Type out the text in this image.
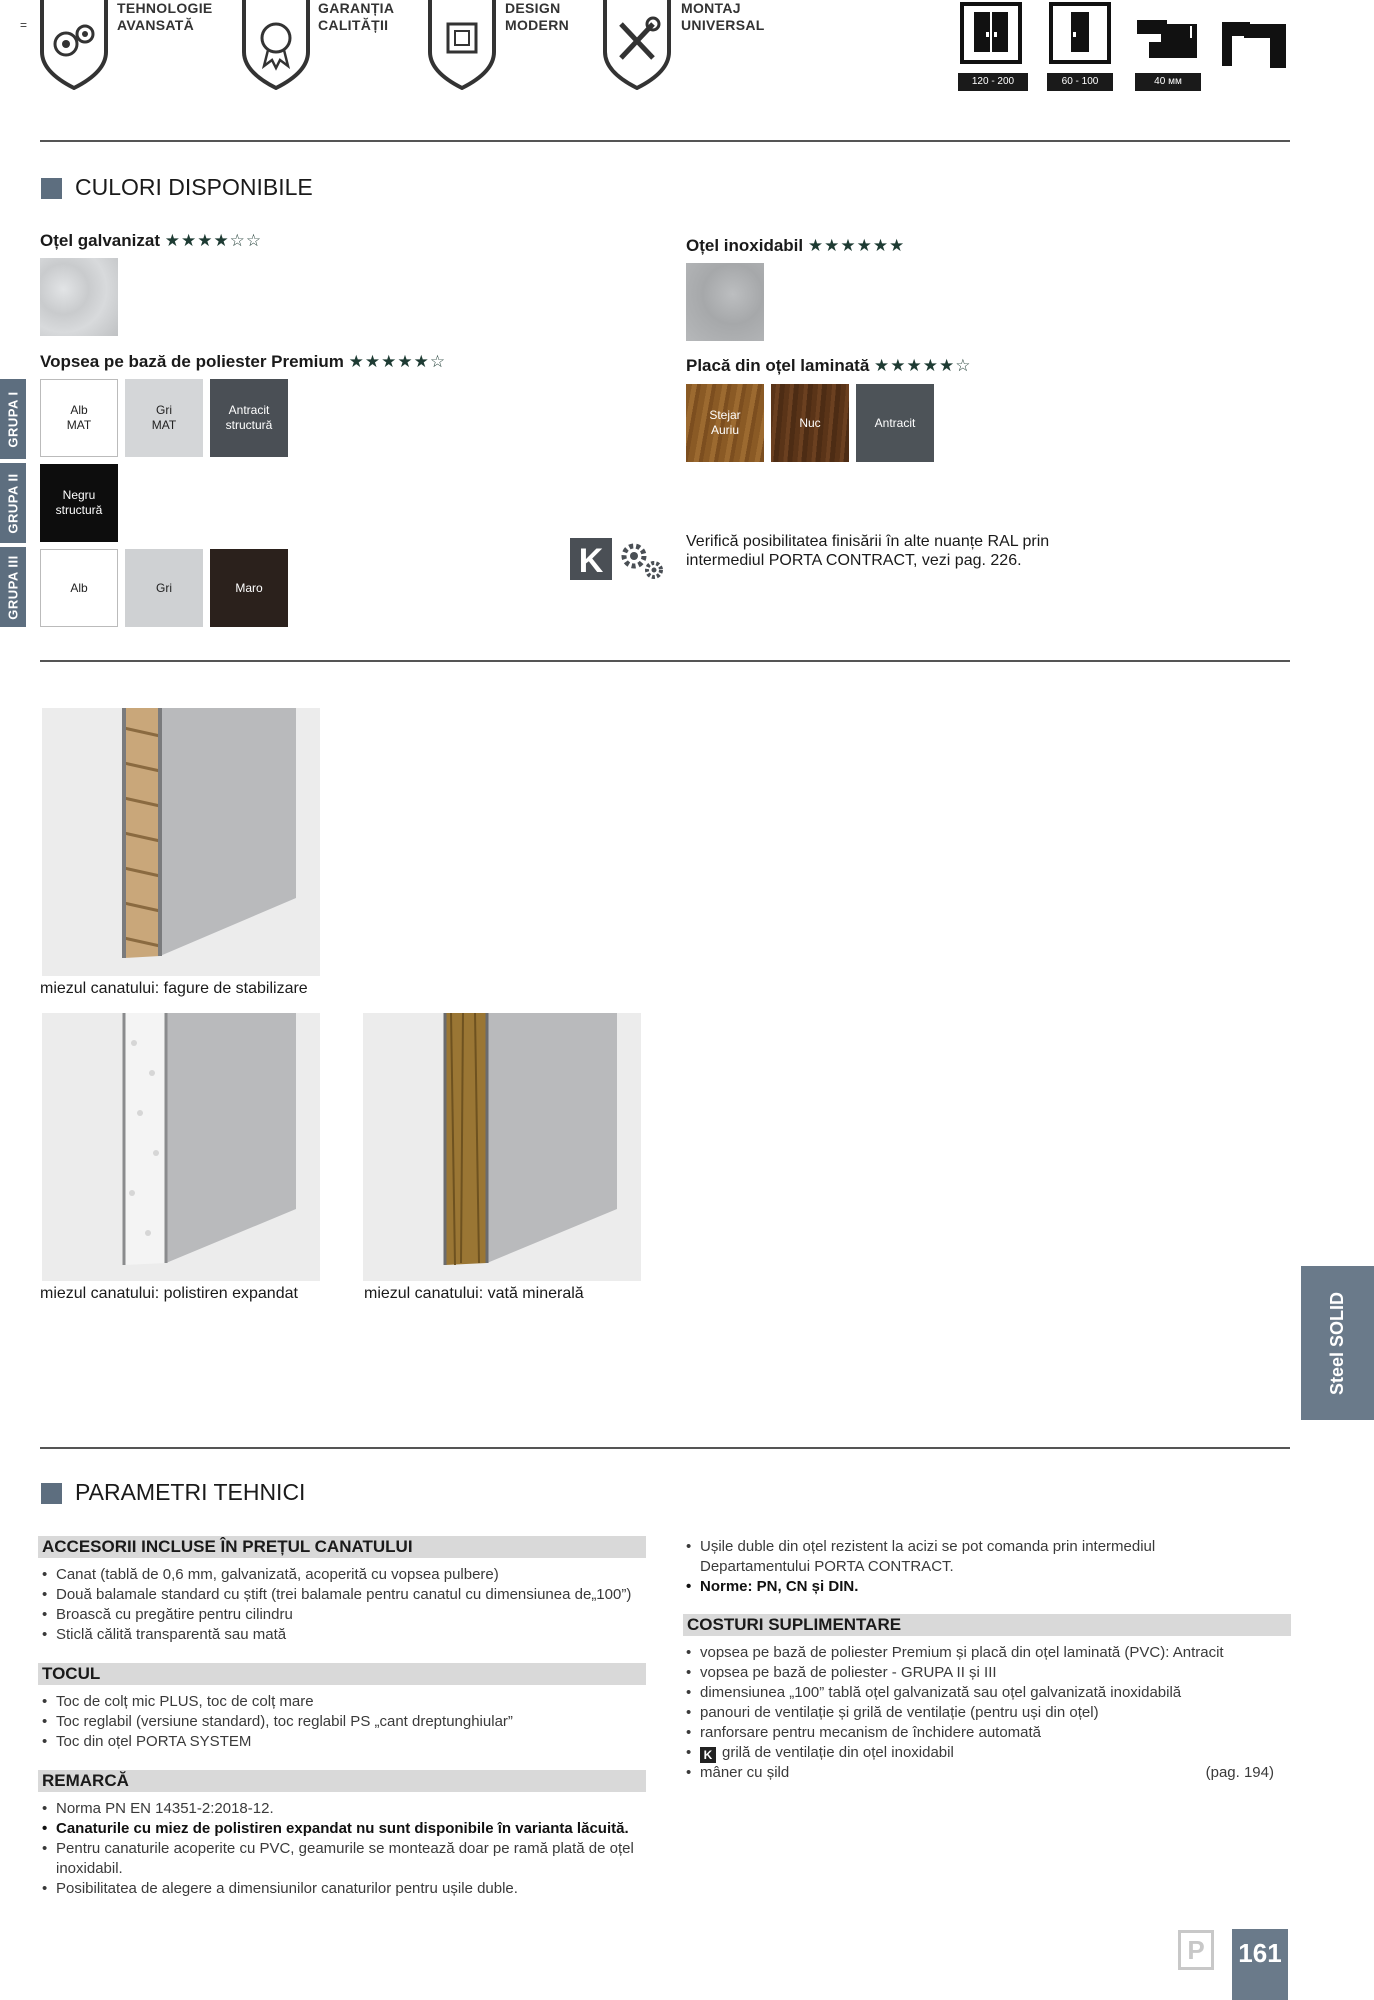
=
TEHNOLOGIE
AVANSATĂ
GARANȚIA
CALITĂȚII
DESIGN
MODERN
MONTAJ
UNIVERSAL
120 - 200	60 - 100	40 мм
CULORI DISPONIBILE
Oțel galvanizat ★★★★☆☆	Oțel inoxidabil ★★★★★★
Vopsea pe bază de poliester Premium ★★★★★☆	Placă din oțel laminată ★★★★★☆
GRUPA I
GRUPA II
GRUPA III
Alb
MAT
Gri
MAT
Antracit
structură
Negru
structură
Alb	Gri	Maro
Stejar
Auriu
Nuc	Antracit
K
Verifică posibilitatea finisării în alte nuanțe RAL prin
intermediul PORTA CONTRACT, vezi pag. 226.
miezul canatului: fagure de stabilizare
miezul canatului: polistiren expandat	miezul canatului: vată minerală	Steel SOLID
PARAMETRI TEHNICI
ACCESORII INCLUSE ÎN PREȚUL CANATULUI
• Canat (tablă de 0,6 mm, galvanizată, acoperită cu vopsea pulbere)
• Două balamale standard cu știft (trei balamale pentru canatul cu dimensiunea de„100”)
• Broască cu pregătire pentru cilindru
• Sticlă călită transparentă sau mată
TOCUL
• Toc de colț mic PLUS, toc de colț mare
• Toc reglabil (versiune standard), toc reglabil PS „cant dreptunghiular”
• Toc din oțel PORTA SYSTEM
REMARCĂ
• Norma PN EN 14351-2:2018-12.
• Canaturile cu miez de polistiren expandat nu sunt disponibile în varianta lăcuită.
• Pentru canaturile acoperite cu PVC, geamurile se montează doar pe ramă plată de oțel inoxidabil.
• Posibilitatea de alegere a dimensiunilor canaturilor pentru ușile duble.
• Ușile duble din oțel rezistent la acizi se pot comanda prin intermediul Departamentului PORTA CONTRACT.
• Norme: PN, CN și DIN.
COSTURI SUPLIMENTARE
• vopsea pe bază de poliester Premium și placă din oțel laminată (PVC): Antracit
• vopsea pe bază de poliester - GRUPA II și III
• dimensiunea „100” tablă oțel galvanizată sau oțel galvanizată inoxidabilă
• panouri de ventilație și grilă de ventilație (pentru uși din oțel)
• ranforsare pentru mecanism de închidere automată
• K grilă de ventilație din oțel inoxidabil
• mâner cu șild	(pag. 194)
P	161
